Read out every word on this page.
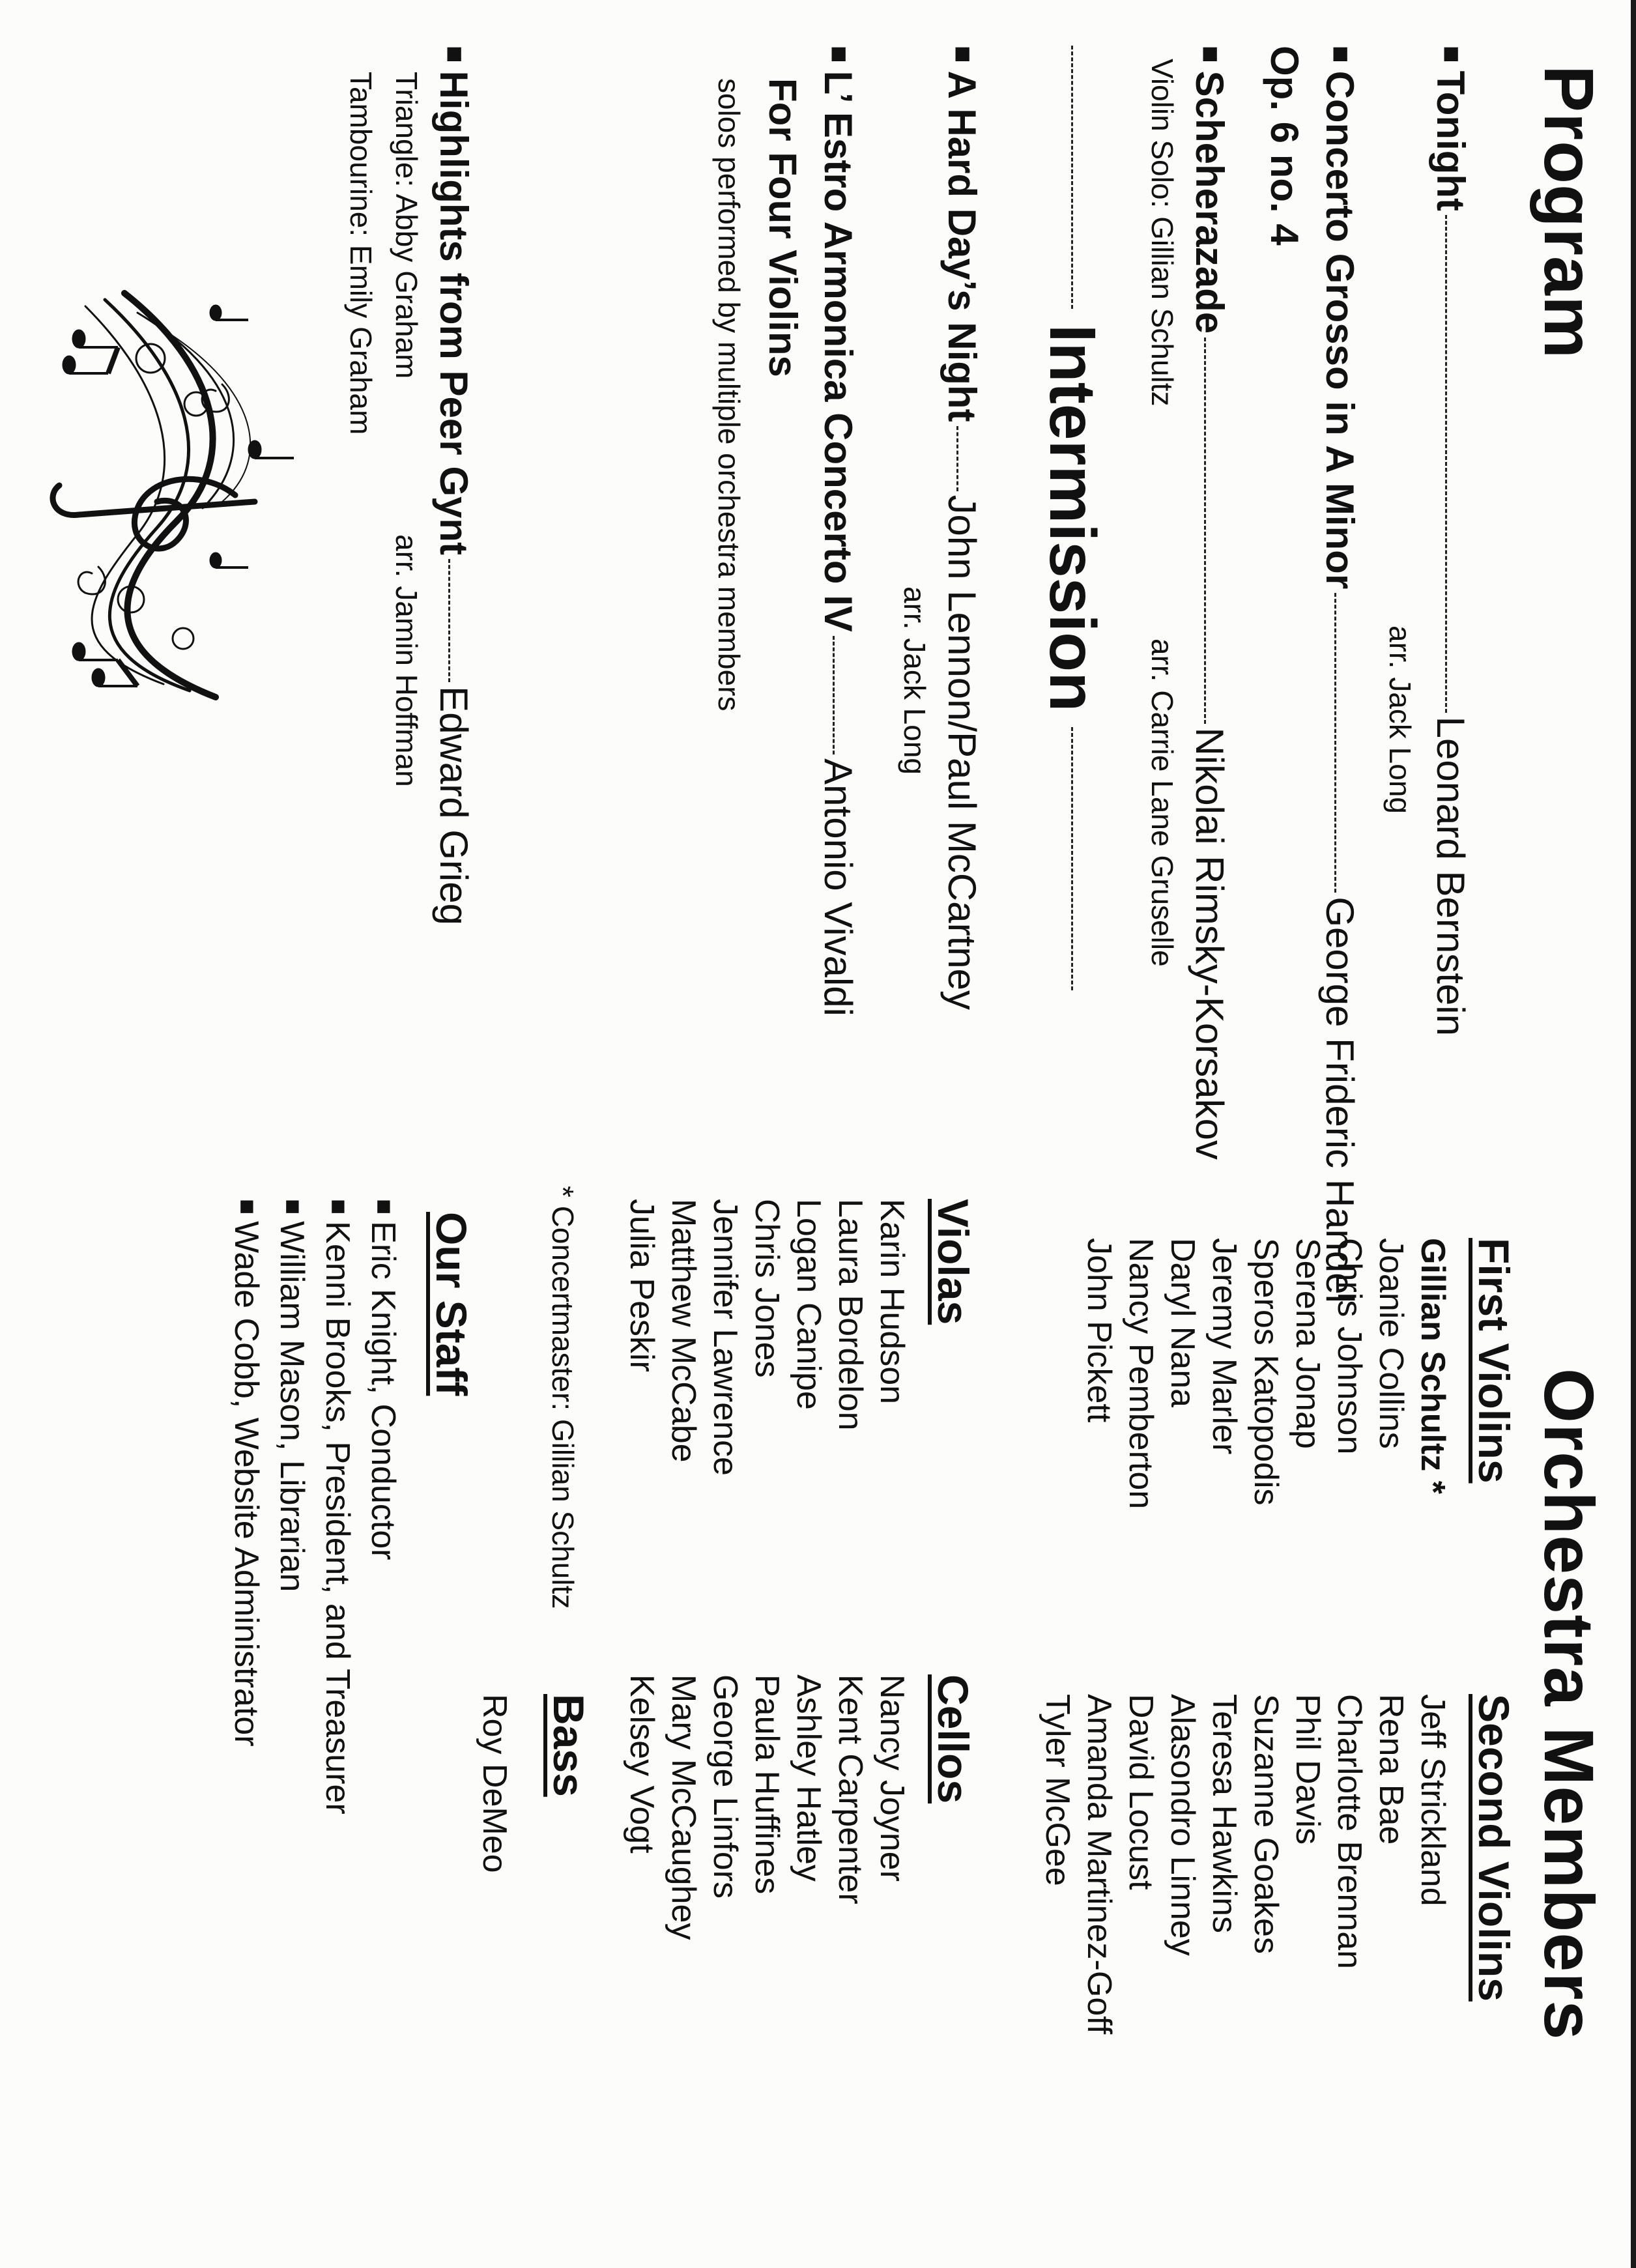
Program
■
Tonight
Leonard Bernstein
arr. Jack Long
■
Concerto Grosso in A Minor
George Frideric Handel
Op. 6 no. 4
■
Scheherazade
Nikolai Rimsky-Korsakov
Violin Solo: Gillian Schultz
arr. Carrie Lane Gruselle
Intermission
■
A Hard Day’s Night
John Lennon/Paul McCartney
arr. Jack Long
■
L’ Estro Armonica Concerto IV
Antonio Vivaldi
For Four Violins
solos performed by multiple orchestra members
■
Highlights from Peer Gynt
Edward Grieg
Triangle: Abby Graham
arr. Jamin Hoffman
Tambourine: Emily Graham
Orchestra Members
First Violins
Gillian Schultz *
Joanie Collins
Chris Johnson
Serena Jonap
Speros Katopodis
Jeremy Marler
Daryl Nana
Nancy Pemberton
John Pickett
Second Violins
Jeff Strickland
Rena Bae
Charlotte Brennan
Phil Davis
Suzanne Goakes
Teresa Hawkins
Alasondro Linney
David Locust
Amanda Martinez-Goff
Tyler McGee
Violas
Karin Hudson
Laura Bordelon
Logan Canipe
Chris Jones
Jennifer Lawrence
Matthew McCabe
Julia Peskir
Cellos
Nancy Joyner
Kent Carpenter
Ashley Hatley
Paula Huffines
George Linfors
Mary McCaughey
Kelsey Vogt
* Concertmaster: Gillian Schultz
Bass
Roy DeMeo
Our Staff
■Eric Knight, Conductor
■Kenni Brooks, President, and Treasurer
■William Mason, Librarian
■Wade Cobb, Website Administrator
